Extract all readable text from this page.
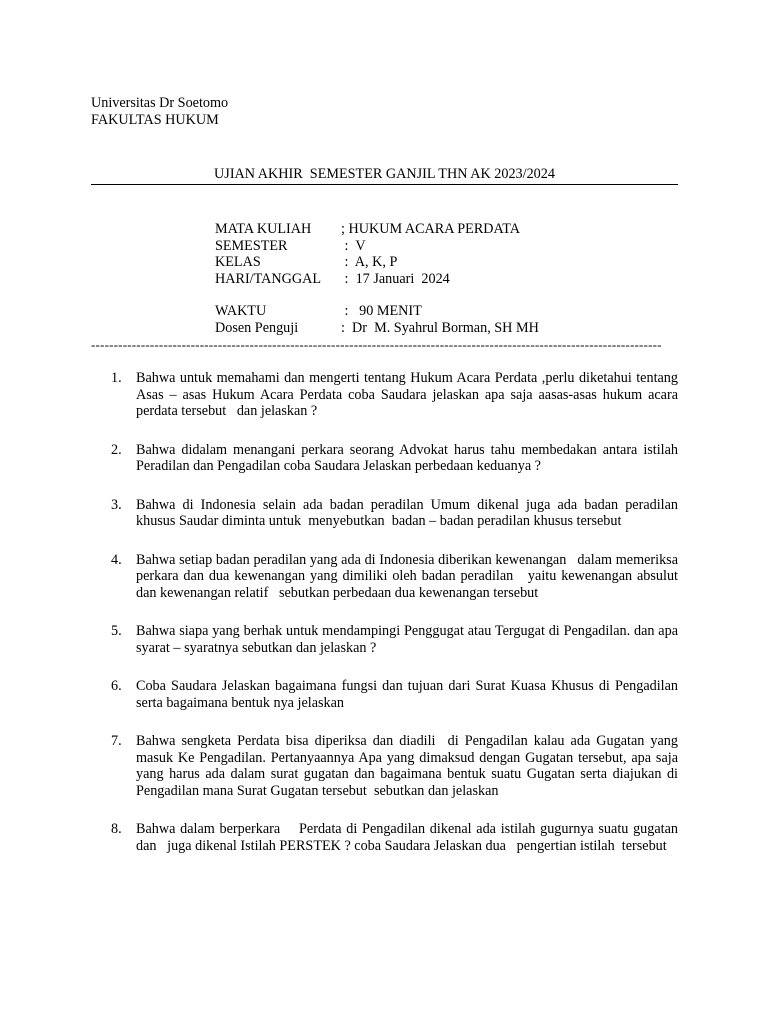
Universitas Dr Soetomo
FAKULTAS HUKUM
UJIAN AKHIR  SEMESTER GANJIL THN AK 2023/2024
MATA KULIAH	; HUKUM ACARA PERDATA
SEMESTER	:  V
KELAS	:  A, K, P
HARI/TANGGAL	:  17 Januari  2024
WAKTU	:   90 MENIT
Dosen Penguji	:  Dr  M. Syahrul Borman, SH MH
------------------------------------------------------------------------------------------------------------------------------
1.	Bahwa untuk memahami dan mengerti tentang Hukum Acara Perdata ,perlu diketahui tentang Asas – asas Hukum Acara Perdata coba Saudara jelaskan apa saja aasas-asas hukum acara perdata tersebut   dan jelaskan ?
2.	Bahwa didalam menangani perkara seorang Advokat harus tahu membedakan antara istilah Peradilan dan Pengadilan coba Saudara Jelaskan perbedaan keduanya ?
3.	Bahwa di Indonesia selain ada badan peradilan Umum dikenal juga ada badan peradilan khusus Saudar diminta untuk  menyebutkan  badan – badan peradilan khusus tersebut
4.	Bahwa setiap badan peradilan yang ada di Indonesia diberikan kewenangan   dalam memeriksa perkara dan dua kewenangan yang dimiliki oleh badan peradilan   yaitu kewenangan absulut dan kewenangan relatif   sebutkan perbedaan dua kewenangan tersebut
5.	Bahwa siapa yang berhak untuk mendampingi Penggugat atau Tergugat di Pengadilan. dan apa syarat – syaratnya sebutkan dan jelaskan ?
6.	Coba Saudara Jelaskan bagaimana fungsi dan tujuan dari Surat Kuasa Khusus di Pengadilan serta bagaimana bentuk nya jelaskan
7.	Bahwa sengketa Perdata bisa diperiksa dan diadili  di Pengadilan kalau ada Gugatan yang masuk Ke Pengadilan. Pertanyaannya Apa yang dimaksud dengan Gugatan tersebut, apa saja yang harus ada dalam surat gugatan dan bagaimana bentuk suatu Gugatan serta diajukan di Pengadilan mana Surat Gugatan tersebut  sebutkan dan jelaskan
8.	Bahwa dalam berperkara    Perdata di Pengadilan dikenal ada istilah gugurnya suatu gugatan dan   juga dikenal Istilah PERSTEK ? coba Saudara Jelaskan dua   pengertian istilah  tersebut
